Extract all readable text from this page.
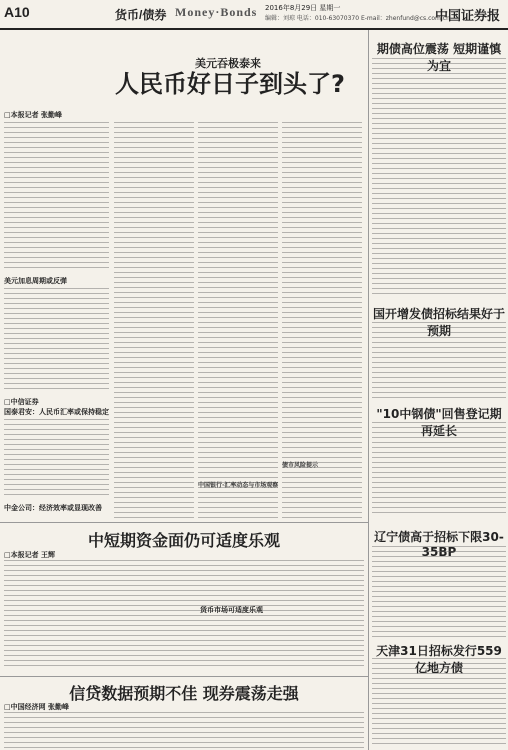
A10	货币/债券 Money·Bonds 2016年8月29日 星期一
编辑：刘琼 电话：010-63070370 E-mail：zhenfund@cs.com.cn
中国证券报
美元吞极泰来
人民币好日子到头了?
□本报记者 张勤峰
美元加息周期或反弹
□中信证券
国泰君安：人民币汇率或保持稳定
中金公司：经济效率或显现改善
中国银行·汇率动态与市场观察
债市风险提示
期债高位震荡 短期谨慎为宜
国开增发债招标结果好于预期
"10中钢债"回售登记期再延长
辽宁债高于招标下限30-35BP
天津31日招标发行559亿地方债
中短期资金面仍可适度乐观
□本报记者 王辉
货币市场可适度乐观
信贷数据预期不佳 现券震荡走强
□中国经济网 张勤峰
